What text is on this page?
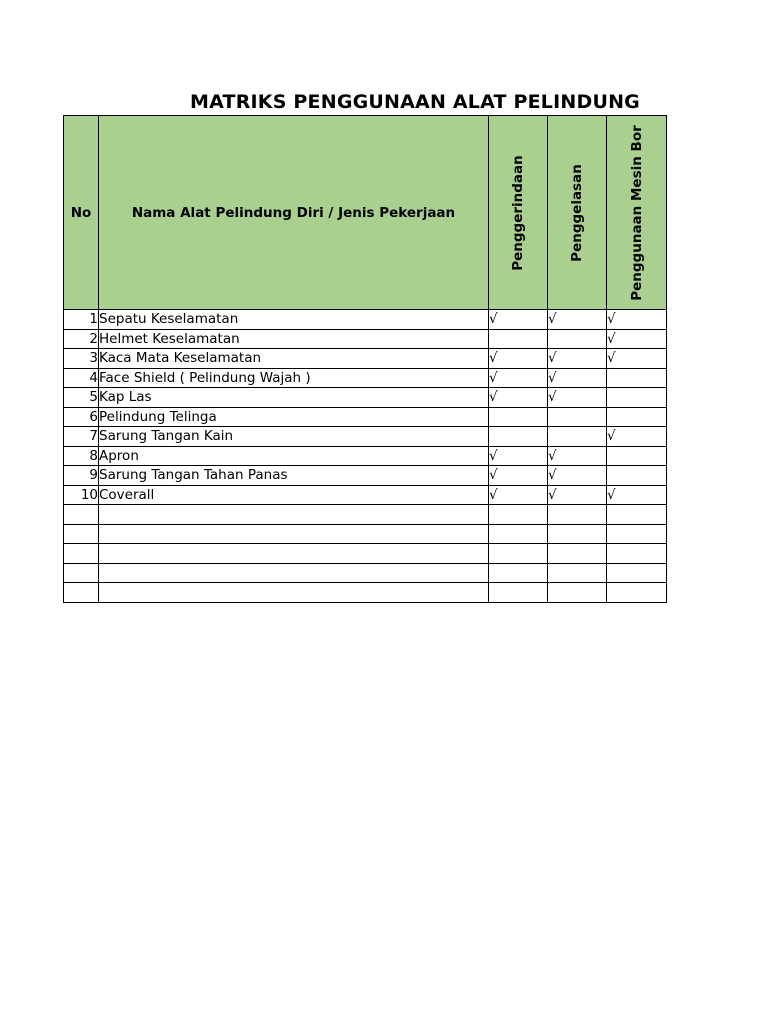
MATRIKS PENGGUNAAN ALAT PELINDUNG
No	Nama Alat Pelindung Diri / Jenis Pekerjaan	Penggerindaan	Penggelasan	Penggunaan Mesin Bor

1	Sepatu Keselamatan	√	√	√
2	Helmet Keselamatan			√
3	Kaca Mata Keselamatan	√	√	√
4	Face Shield ( Pelindung Wajah )	√	√	
5	Kap Las	√	√	
6	Pelindung Telinga			
7	Sarung Tangan Kain			√
8	Apron	√	√	
9	Sarung Tangan Tahan Panas	√	√	
10	Coverall	√	√	√
